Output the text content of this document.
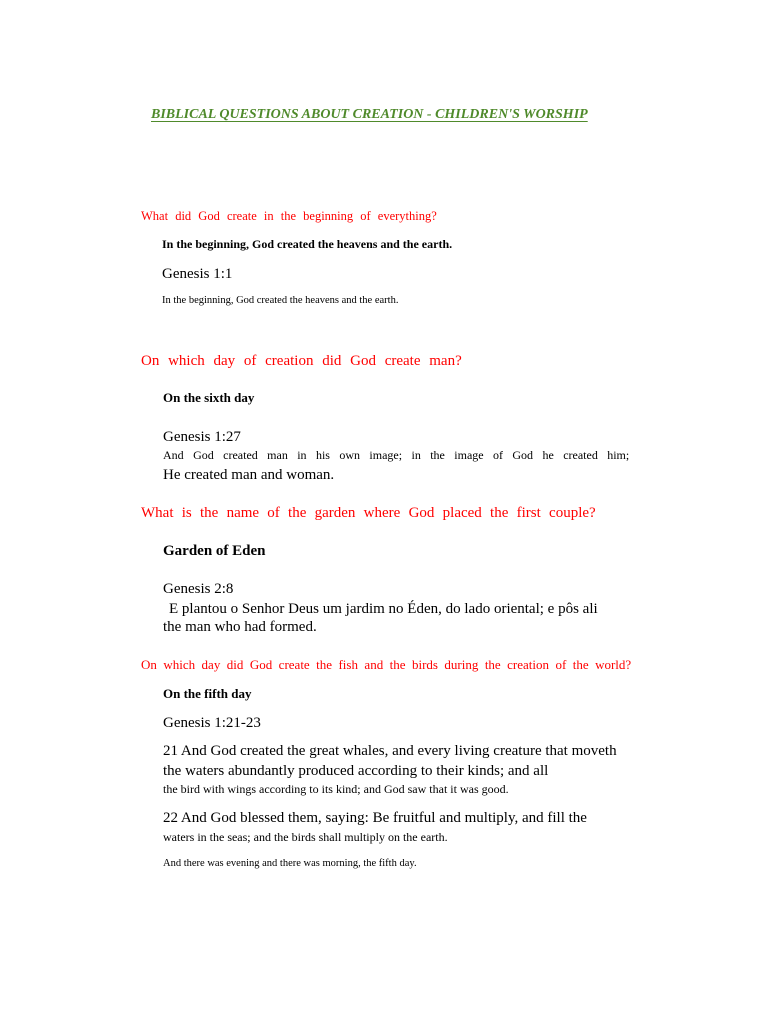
BIBLICAL QUESTIONS ABOUT CREATION - CHILDREN'S WORSHIP
What did God create in the beginning of everything?
In the beginning, God created the heavens and the earth.
Genesis 1:1
In the beginning, God created the heavens and the earth.
On which day of creation did God create man?
On the sixth day
Genesis 1:27
And God created man in his own image; in the image of God he created him;
He created man and woman.
What is the name of the garden where God placed the first couple?
Garden of Eden
Genesis 2:8
E plantou o Senhor Deus um jardim no Éden, do lado oriental; e pôs ali
the man who had formed.
On which day did God create the fish and the birds during the creation of the world?
On the fifth day
Genesis 1:21-23
21 And God created the great whales, and every living creature that moveth
the waters abundantly produced according to their kinds; and all
the bird with wings according to its kind; and God saw that it was good.
22 And God blessed them, saying: Be fruitful and multiply, and fill the
waters in the seas; and the birds shall multiply on the earth.
And there was evening and there was morning, the fifth day.
